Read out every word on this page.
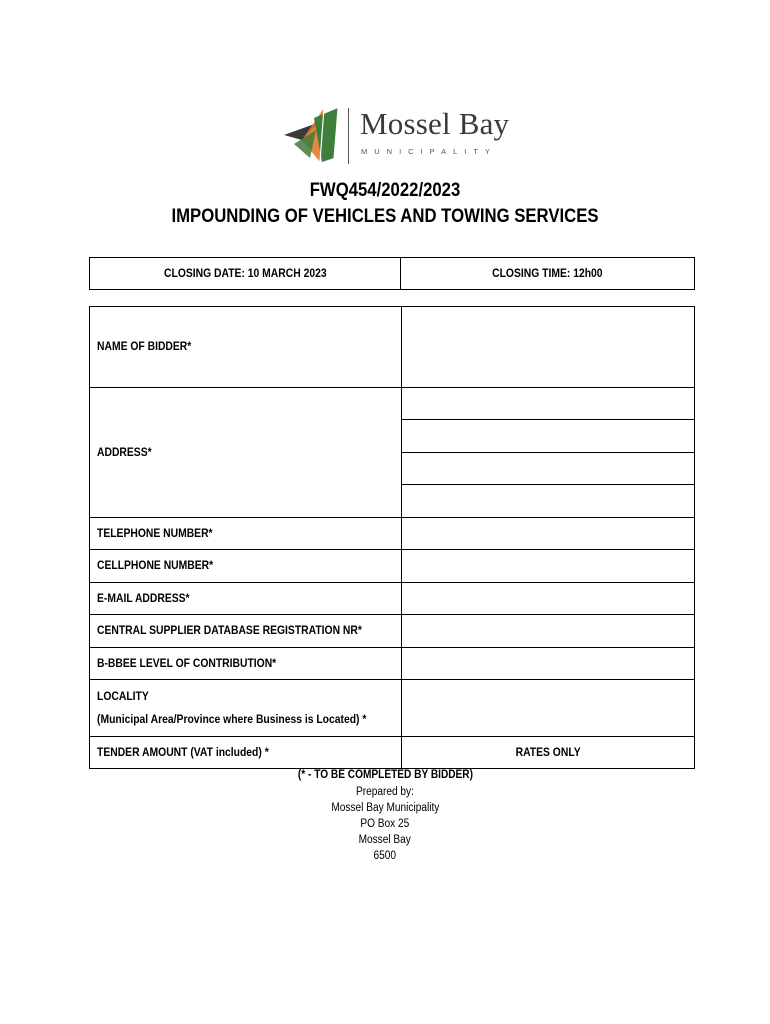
Mossel Bay
MUNICIPALITY
FWQ454/2022/2023
IMPOUNDING OF VEHICLES AND TOWING SERVICES
CLOSING DATE: 10 MARCH 2023	CLOSING TIME: 12h00
NAME OF BIDDER*	
ADDRESS*	

TELEPHONE NUMBER*	
CELLPHONE NUMBER*	
E-MAIL ADDRESS*	
CENTRAL SUPPLIER DATABASE REGISTRATION NR*	
B-BBEE LEVEL OF CONTRIBUTION*	
LOCALITY
(Municipal Area/Province where Business is Located) *	

TENDER AMOUNT (VAT included) *	RATES ONLY
(* - TO BE COMPLETED BY BIDDER)
Prepared by:
Mossel Bay Municipality
PO Box 25
Mossel Bay
6500
